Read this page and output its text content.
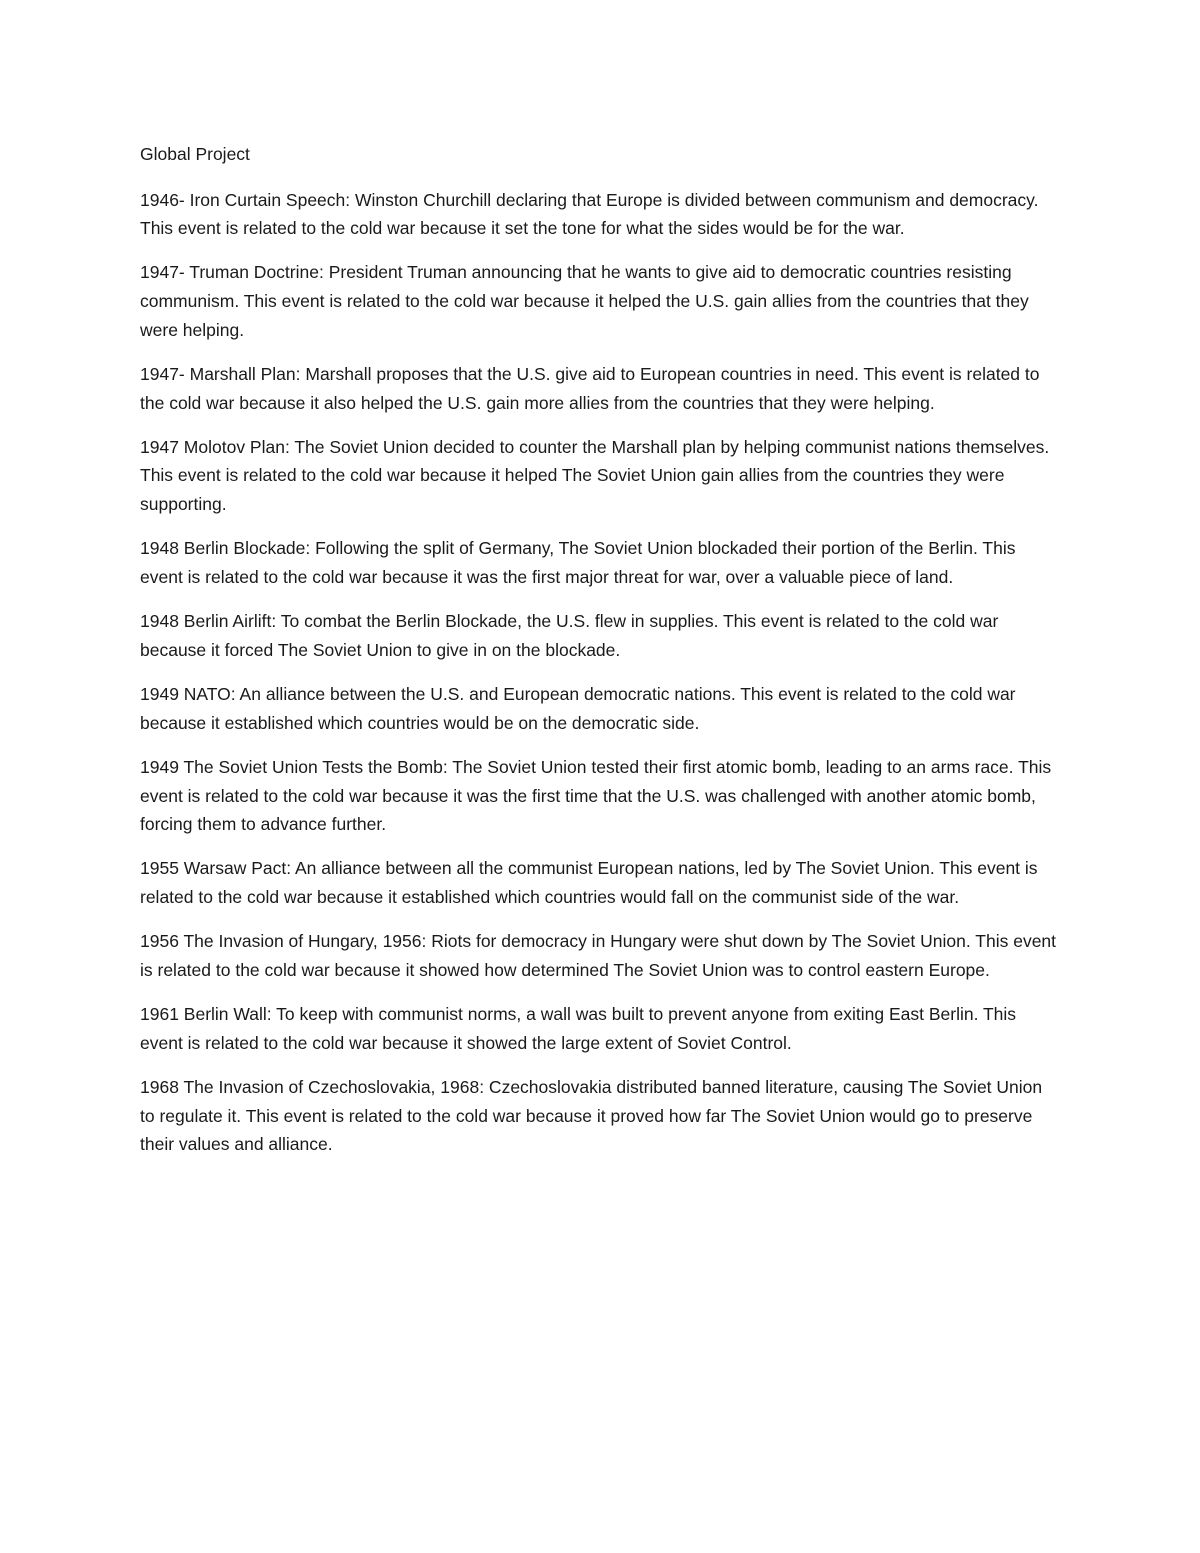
Global Project

1946- Iron Curtain Speech: Winston Churchill declaring that Europe is divided between communism and democracy. This event is related to the cold war because it set the tone for what the sides would be for the war.

1947- Truman Doctrine: President Truman announcing that he wants to give aid to democratic countries resisting communism. This event is related to the cold war because it helped the U.S. gain allies from the countries that they were helping.

1947- Marshall Plan: Marshall proposes that the U.S. give aid to European countries in need. This event is related to the cold war because it also helped the U.S. gain more allies from the countries that they were helping.

1947 Molotov Plan: The Soviet Union decided to counter the Marshall plan by helping communist nations themselves. This event is related to the cold war because it helped The Soviet Union gain allies from the countries they were supporting.

1948 Berlin Blockade: Following the split of Germany, The Soviet Union blockaded their portion of the Berlin. This event is related to the cold war because it was the first major threat for war, over a valuable piece of land.

1948 Berlin Airlift: To combat the Berlin Blockade, the U.S. flew in supplies. This event is related to the cold war because it forced The Soviet Union to give in on the blockade.

1949 NATO: An alliance between the U.S. and European democratic nations. This event is related to the cold war because it established which countries would be on the democratic side.

1949 The Soviet Union Tests the Bomb: The Soviet Union tested their first atomic bomb, leading to an arms race. This event is related to the cold war because it was the first time that the U.S. was challenged with another atomic bomb, forcing them to advance further.

1955 Warsaw Pact: An alliance between all the communist European nations, led by The Soviet Union. This event is related to the cold war because it established which countries would fall on the communist side of the war.

1956 The Invasion of Hungary, 1956: Riots for democracy in Hungary were shut down by The Soviet Union. This event is related to the cold war because it showed how determined The Soviet Union was to control eastern Europe.

1961 Berlin Wall: To keep with communist norms, a wall was built to prevent anyone from exiting East Berlin. This event is related to the cold war because it showed the large extent of Soviet Control.

1968 The Invasion of Czechoslovakia, 1968: Czechoslovakia distributed banned literature, causing The Soviet Union to regulate it. This event is related to the cold war because it proved how far The Soviet Union would go to preserve their values and alliance.
